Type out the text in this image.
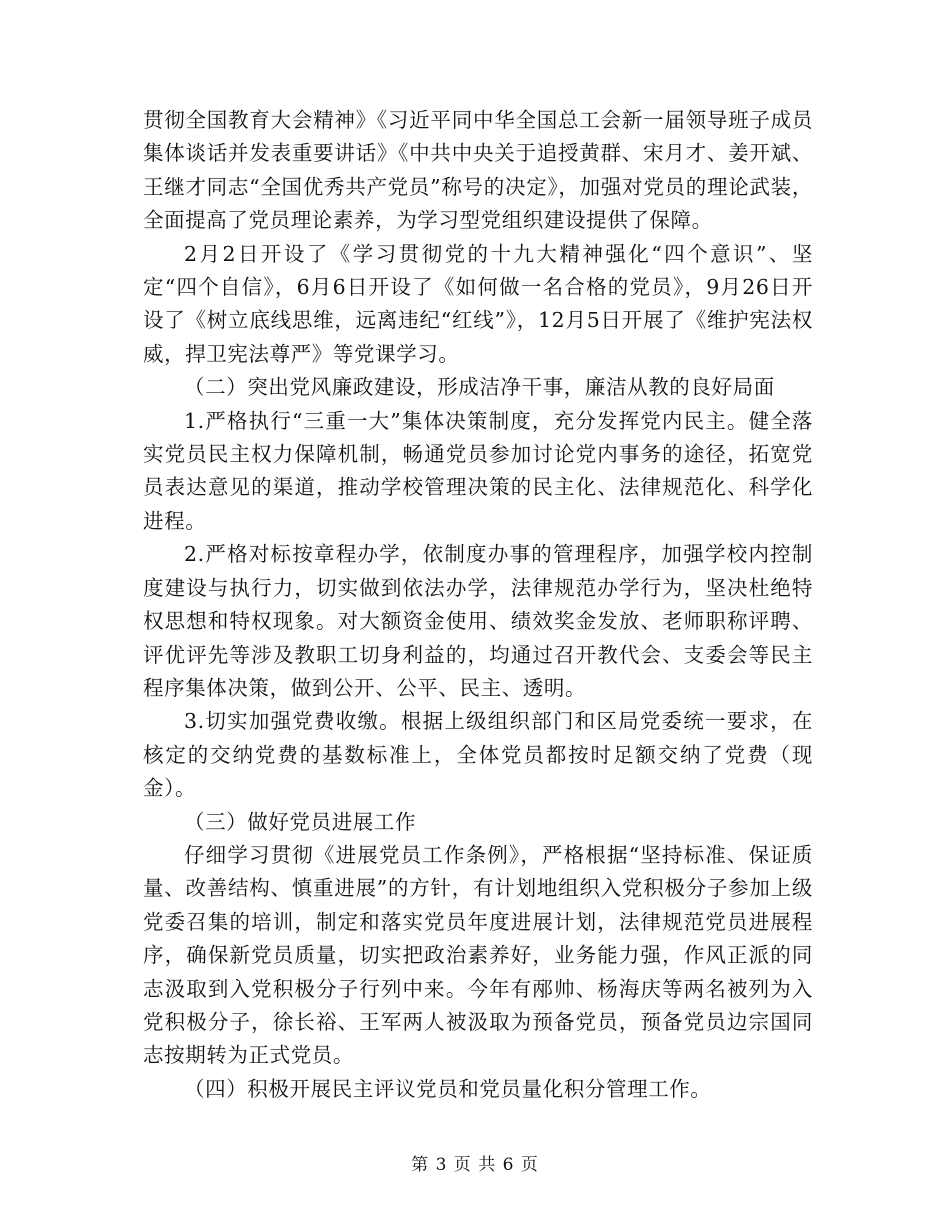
贯彻全国教育大会精神》《习近平同中华全国总工会新一届领导班子成员集体谈话并发表重要讲话》《中共中央关于追授黄群、宋月才、姜开斌、王继才同志“全国优秀共产党员”称号的决定》，加强对党员的理论武装，全面提高了党员理论素养，为学习型党组织建设提供了保障。

2月2日开设了《学习贯彻党的十九大精神强化“四个意识”、坚定“四个自信》，6月6日开设了《如何做一名合格的党员》，9月26日开设了《树立底线思维，远离违纪“红线”》，12月5日开展了《维护宪法权威，捍卫宪法尊严》等党课学习。

（二）突出党风廉政建设，形成洁净干事，廉洁从教的良好局面

1.严格执行“三重一大”集体决策制度，充分发挥党内民主。健全落实党员民主权力保障机制，畅通党员参加讨论党内事务的途径，拓宽党员表达意见的渠道，推动学校管理决策的民主化、法律规范化、科学化进程。

2.严格对标按章程办学，依制度办事的管理程序，加强学校内控制度建设与执行力，切实做到依法办学，法律规范办学行为，坚决杜绝特权思想和特权现象。对大额资金使用、绩效奖金发放、老师职称评聘、评优评先等涉及教职工切身利益的，均通过召开教代会、支委会等民主程序集体决策，做到公开、公平、民主、透明。

3.切实加强党费收缴。根据上级组织部门和区局党委统一要求，在核定的交纳党费的基数标准上，全体党员都按时足额交纳了党费（现金）。

（三）做好党员进展工作

仔细学习贯彻《进展党员工作条例》，严格根据“坚持标准、保证质量、改善结构、慎重进展”的方针，有计划地组织入党积极分子参加上级党委召集的培训，制定和落实党员年度进展计划，法律规范党员进展程序，确保新党员质量，切实把政治素养好，业务能力强，作风正派的同志汲取到入党积极分子行列中来。今年有邴帅、杨海庆等两名被列为入党积极分子，徐长裕、王军两人被汲取为预备党员，预备党员边宗国同志按期转为正式党员。

（四）积极开展民主评议党员和党员量化积分管理工作。

第 3 页 共 6 页
